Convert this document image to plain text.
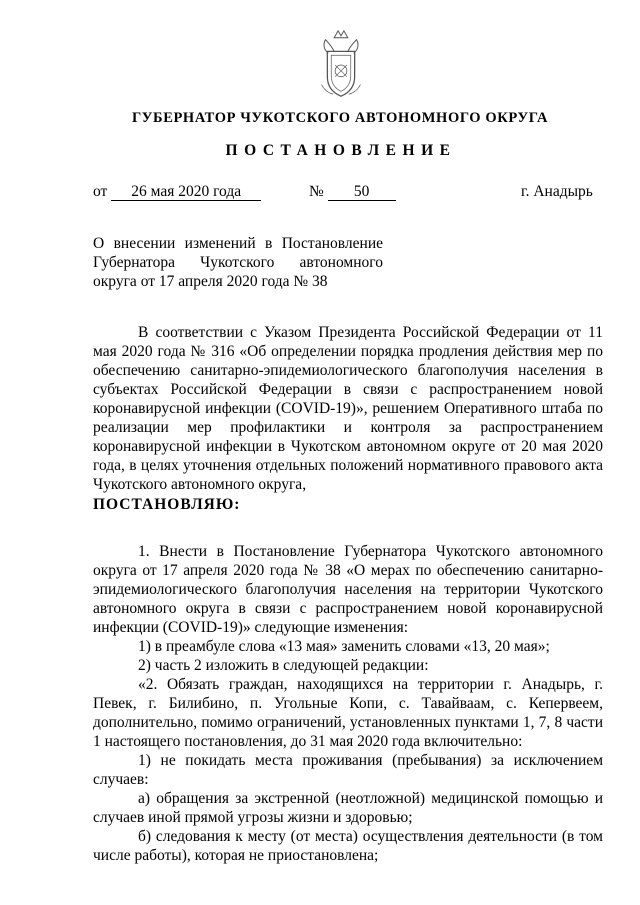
ГУБЕРНАТОР ЧУКОТСКОГО АВТОНОМНОГО ОКРУГА
ПОСТАНОВЛЕНИЕ
от 26 мая 2020 года	№ 50	г. Анадырь
О внесении изменений в Постановление Губернатора Чукотского автономного округа от 17 апреля 2020 года № 38

В соответствии с Указом Президента Российской Федерации от 11 мая 2020 года № 316 «Об определении порядка продления действия мер по обеспечению санитарно-эпидемиологического благополучия населения в субъектах Российской Федерации в связи с распространением новой коронавирусной инфекции (COVID-19)», решением Оперативного штаба по реализации мер профилактики и контроля за распространением коронавирусной инфекции в Чукотском автономном округе от 20 мая 2020 года, в целях уточнения отдельных положений нормативного правового акта Чукотского автономного округа,

ПОСТАНОВЛЯЮ:

1. Внести в Постановление Губернатора Чукотского автономного округа от 17 апреля 2020 года № 38 «О мерах по обеспечению санитарно-эпидемиологического благополучия населения на территории Чукотского автономного округа в связи с распространением новой коронавирусной инфекции (COVID-19)» следующие изменения:

1) в преамбуле слова «13 мая» заменить словами «13, 20 мая»;

2) часть 2 изложить в следующей редакции:

«2. Обязать граждан, находящихся на территории г. Анадырь, г. Певек, г. Билибино, п. Угольные Копи, с. Тавайваам, с. Кепервеем, дополнительно, помимо ограничений, установленных пунктами 1, 7, 8 части 1 настоящего постановления, до 31 мая 2020 года включительно:

1) не покидать места проживания (пребывания) за исключением случаев:

а) обращения за экстренной (неотложной) медицинской помощью и случаев иной прямой угрозы жизни и здоровью;

б) следования к месту (от места) осуществления деятельности (в том числе работы), которая не приостановлена;
